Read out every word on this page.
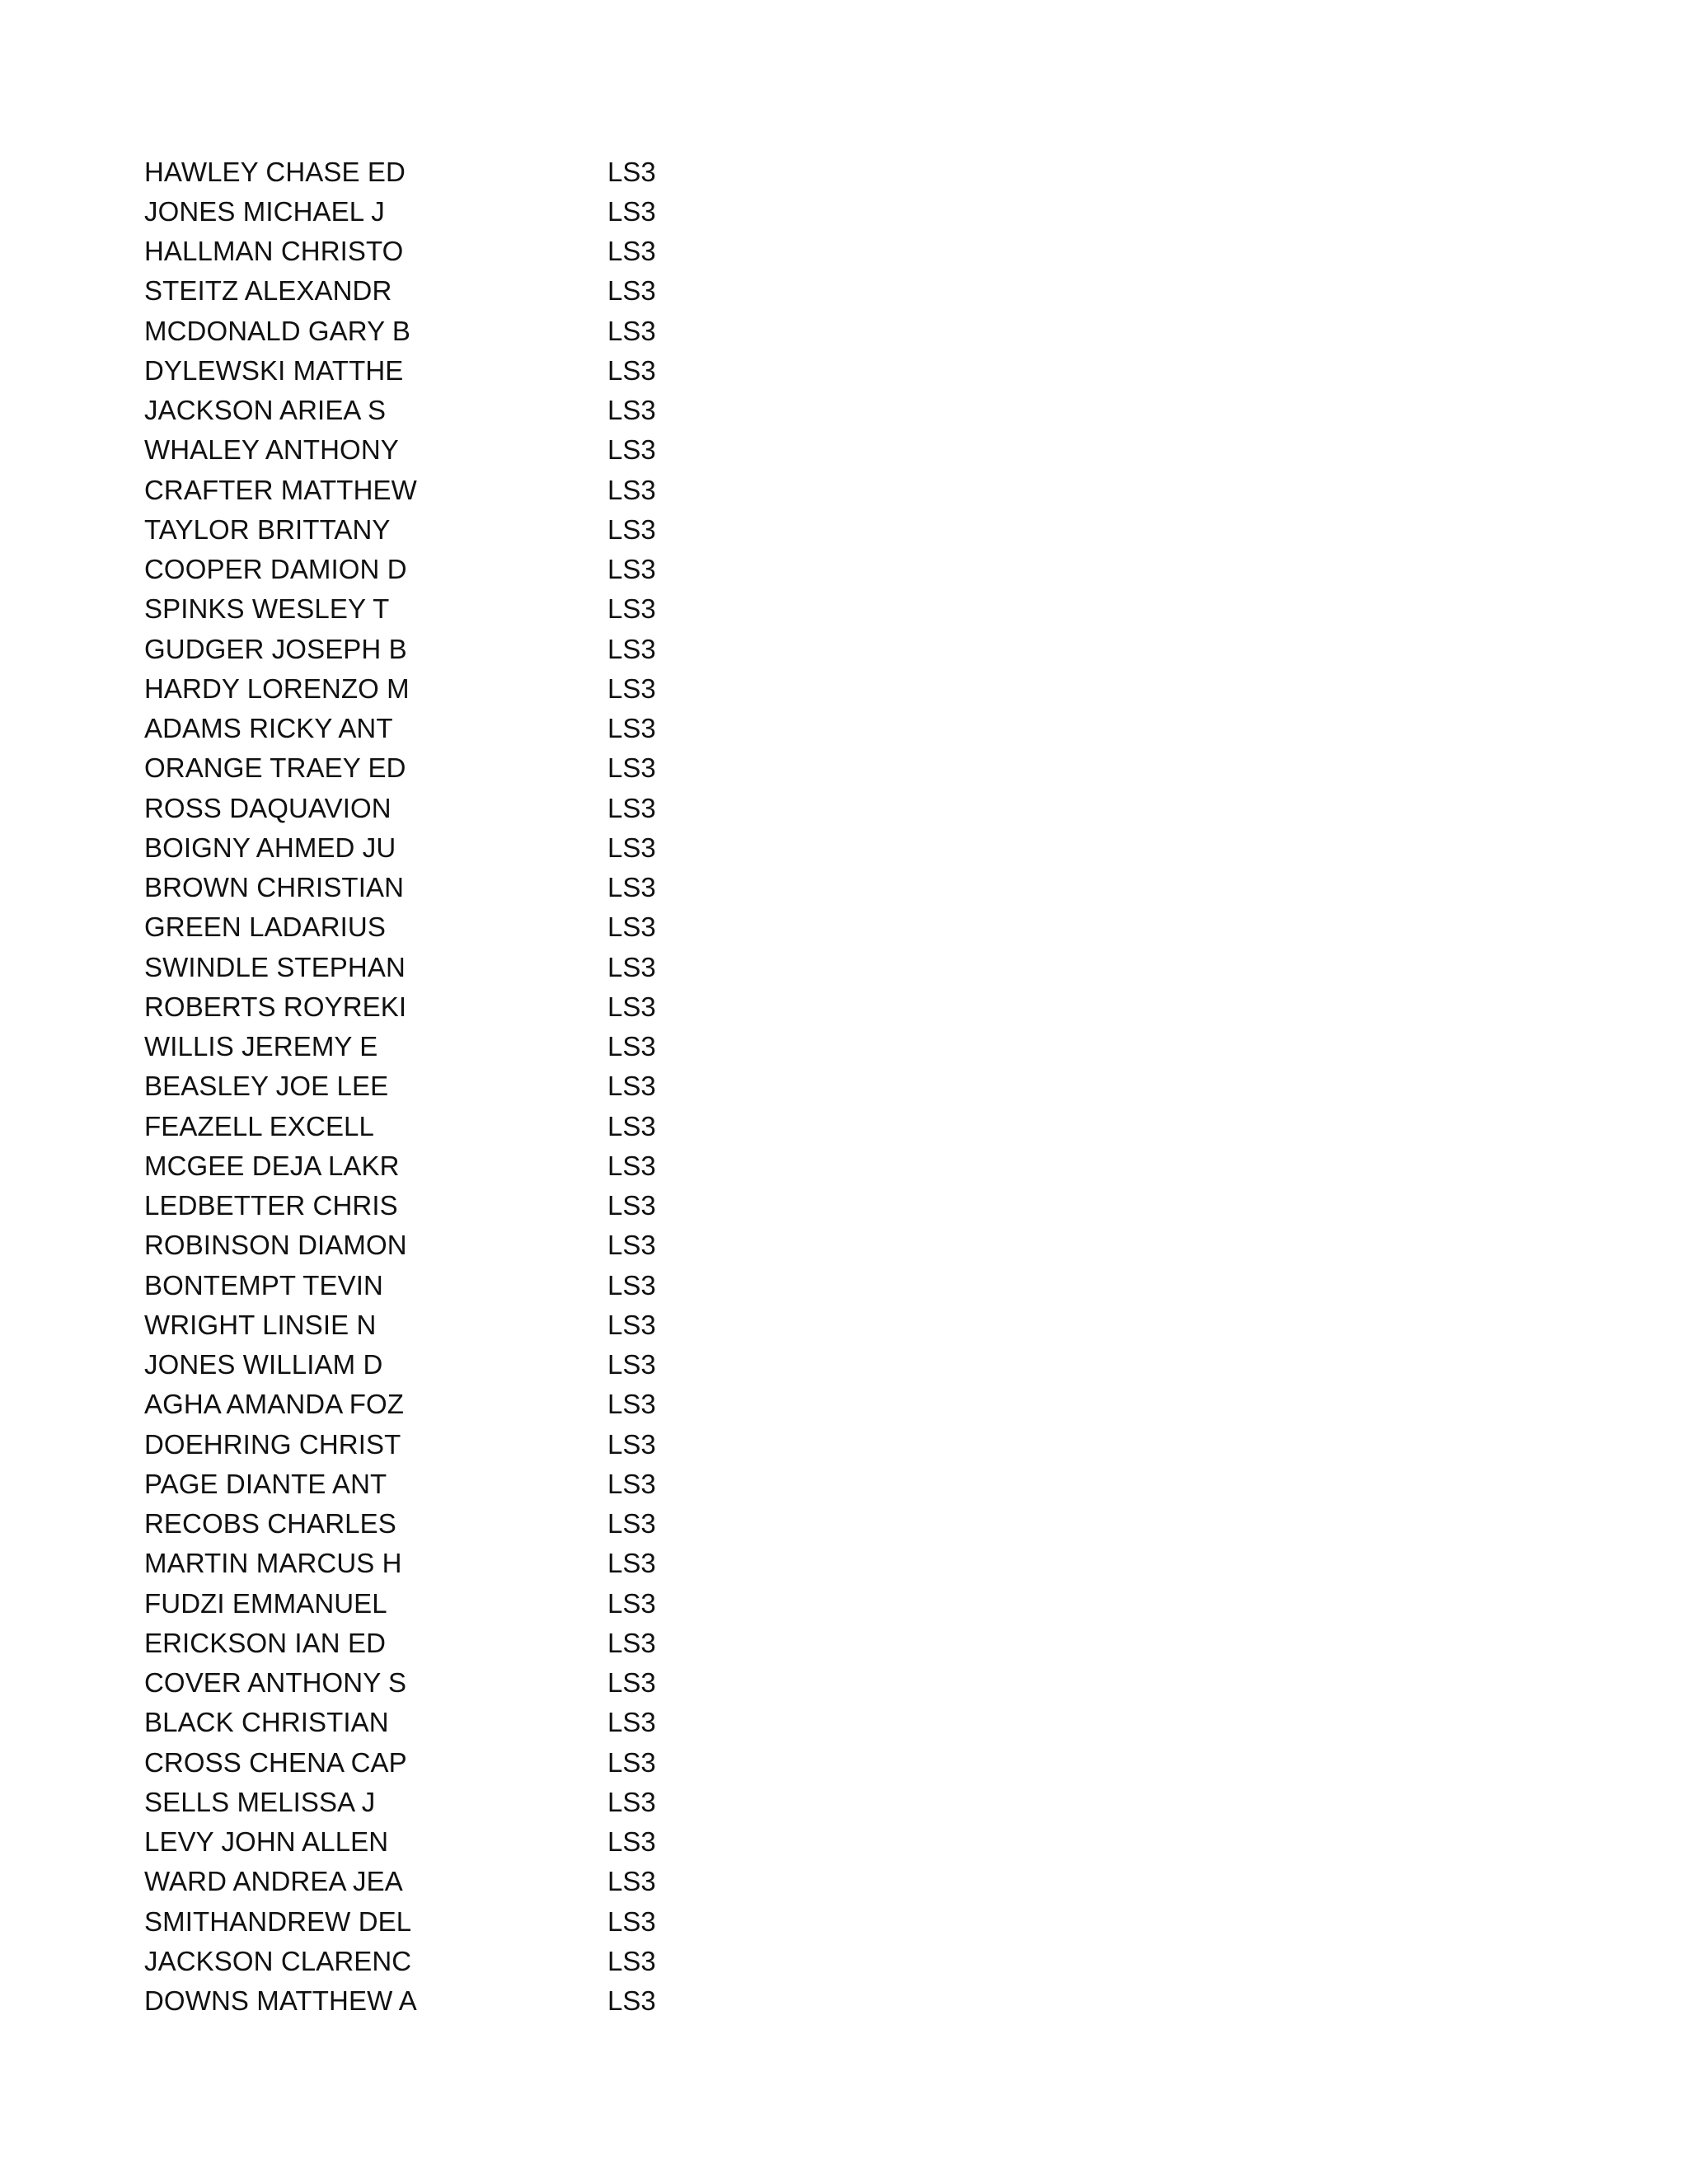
HAWLEY CHASE ED	LS3
JONES MICHAEL J	LS3
HALLMAN CHRISTO	LS3
STEITZ ALEXANDR	LS3
MCDONALD GARY B	LS3
DYLEWSKI MATTHE	LS3
JACKSON ARIEA S	LS3
WHALEY ANTHONY	LS3
CRAFTER MATTHEW	LS3
TAYLOR BRITTANY	LS3
COOPER DAMION D	LS3
SPINKS WESLEY T	LS3
GUDGER JOSEPH B	LS3
HARDY LORENZO M	LS3
ADAMS RICKY ANT	LS3
ORANGE TRAEY ED	LS3
ROSS DAQUAVION	LS3
BOIGNY AHMED JU	LS3
BROWN CHRISTIAN	LS3
GREEN LADARIUS	LS3
SWINDLE STEPHAN	LS3
ROBERTS ROYREKI	LS3
WILLIS JEREMY E	LS3
BEASLEY JOE LEE	LS3
FEAZELL EXCELL	LS3
MCGEE DEJA LAKR	LS3
LEDBETTER CHRIS	LS3
ROBINSON DIAMON	LS3
BONTEMPT TEVIN	LS3
WRIGHT LINSIE N	LS3
JONES WILLIAM D	LS3
AGHA AMANDA FOZ	LS3
DOEHRING CHRIST	LS3
PAGE DIANTE ANT	LS3
RECOBS CHARLES	LS3
MARTIN MARCUS H	LS3
FUDZI EMMANUEL	LS3
ERICKSON IAN ED	LS3
COVER ANTHONY S	LS3
BLACK CHRISTIAN	LS3
CROSS CHENA CAP	LS3
SELLS MELISSA J	LS3
LEVY JOHN ALLEN	LS3
WARD ANDREA JEA	LS3
SMITHANDREW DEL	LS3
JACKSON CLARENC	LS3
DOWNS MATTHEW A	LS3
